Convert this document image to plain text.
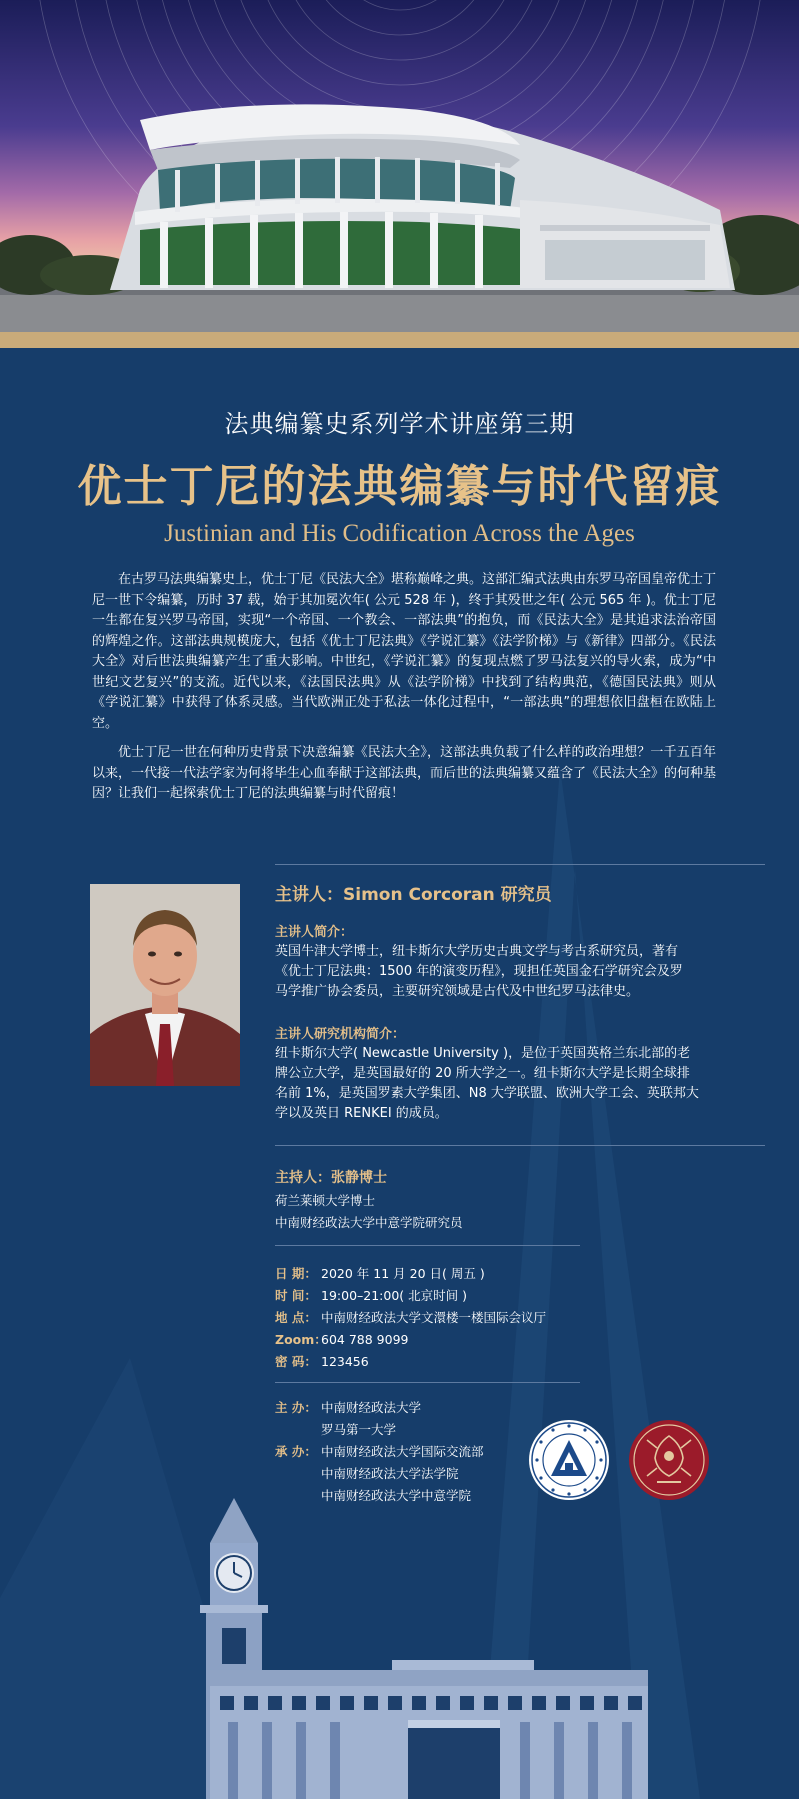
法典编纂史系列学术讲座第三期
优士丁尼的法典编纂与时代留痕
Justinian and His Codification Across the Ages

在古罗马法典编纂史上，优士丁尼《民法大全》堪称巅峰之典。这部汇编式法典由东罗马帝国皇帝优士丁尼一世下令编纂，历时 37 载，始于其加冕次年( 公元 528 年 )，终于其殁世之年( 公元 565 年 )。优士丁尼一生都在复兴罗马帝国，实现“一个帝国、一个教会、一部法典”的抱负，而《民法大全》是其追求法治帝国的辉煌之作。这部法典规模庞大，包括《优士丁尼法典》《学说汇纂》《法学阶梯》与《新律》四部分。《民法大全》对后世法典编纂产生了重大影响。中世纪，《学说汇纂》的复现点燃了罗马法复兴的导火索，成为“中世纪文艺复兴”的支流。近代以来，《法国民法典》从《法学阶梯》中找到了结构典范，《德国民法典》则从《学说汇纂》中获得了体系灵感。当代欧洲正处于私法一体化过程中，“一部法典”的理想依旧盘桓在欧陆上空。

优士丁尼一世在何种历史背景下决意编纂《民法大全》，这部法典负载了什么样的政治理想？一千五百年以来，一代接一代法学家为何将毕生心血奉献于这部法典，而后世的法典编纂又蕴含了《民法大全》的何种基因？让我们一起探索优士丁尼的法典编纂与时代留痕！

主讲人：Simon Corcoran 研究员
主讲人简介：
英国牛津大学博士，纽卡斯尔大学历史古典文学与考古系研究员，著有
《优士丁尼法典：1500 年的演变历程》，现担任英国金石学研究会及罗
马学推广协会委员，主要研究领域是古代及中世纪罗马法律史。
主讲人研究机构简介：
纽卡斯尔大学( Newcastle University )，是位于英国英格兰东北部的老
牌公立大学，是英国最好的 20 所大学之一。纽卡斯尔大学是长期全球排
名前 1%，是英国罗素大学集团、N8 大学联盟、欧洲大学工会、英联邦大
学以及英日 RENKEI 的成员。
主持人：张静博士
荷兰莱顿大学博士
中南财经政法大学中意学院研究员
日 期： 2020 年 11 月 20 日( 周五 )
时 间： 19:00–21:00( 北京时间 )
地 点： 中南财经政法大学文澴楼一楼国际会议厅
Zoom：604 788 9099
密 码： 123456
主 办： 中南财经政法大学
罗马第一大学
承 办： 中南财经政法大学国际交流部
中南财经政法大学法学院
中南财经政法大学中意学院
